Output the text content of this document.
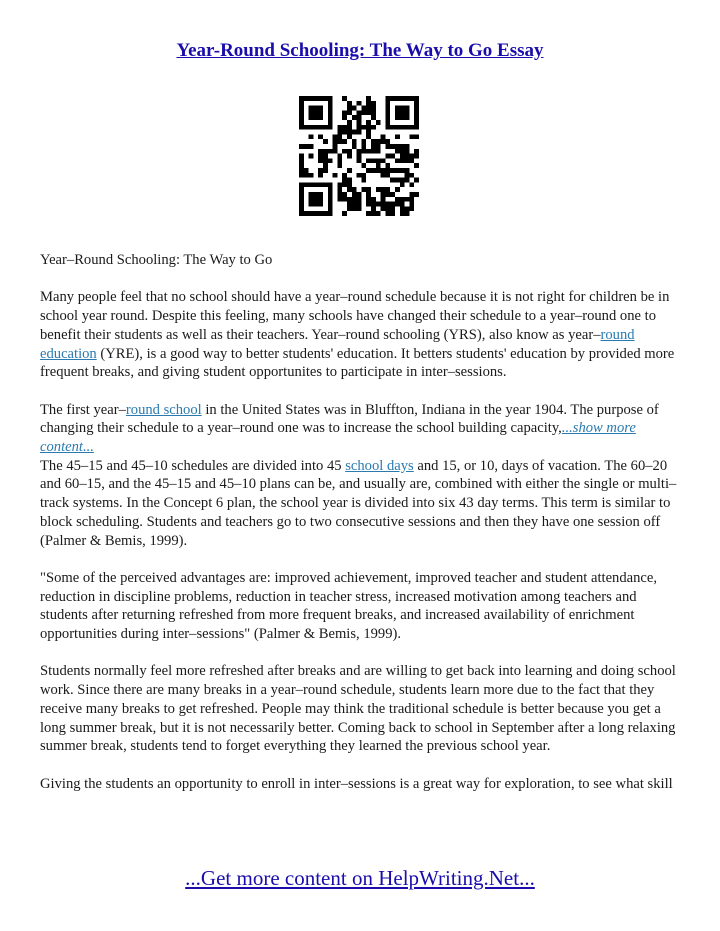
Year-Round Schooling: The Way to Go Essay

Year–Round Schooling: The Way to Go

Many people feel that no school should have a year–round schedule because it is not right for children be in school year round. Despite this feeling, many schools have changed their schedule to a year–round one to benefit their students as well as their teachers. Year–round schooling (YRS), also know as year–round education (YRE), is a good way to better students' education. It betters students' education by provided more frequent breaks, and giving student opportunites to participate in inter–sessions.

The first year–round school in the United States was in Bluffton, Indiana in the year 1904. The purpose of changing their schedule to a year–round one was to increase the school building capacity,...show more content...
The 45–15 and 45–10 schedules are divided into 45 school days and 15, or 10, days of vacation. The 60–20 and 60–15, and the 45–15 and 45–10 plans can be, and usually are, combined with either the single or multi–track systems. In the Concept 6 plan, the school year is divided into six 43 day terms. This term is similar to block scheduling. Students and teachers go to two consecutive sessions and then they have one session off (Palmer & Bemis, 1999).

"Some of the perceived advantages are: improved achievement, improved teacher and student attendance, reduction in discipline problems, reduction in teacher stress, increased motivation among teachers and students after returning refreshed from more frequent breaks, and increased availability of enrichment opportunities during inter–sessions" (Palmer & Bemis, 1999).

Students normally feel more refreshed after breaks and are willing to get back into learning and doing school work. Since there are many breaks in a year–round schedule, students learn more due to the fact that they receive many breaks to get refreshed. People may think the traditional schedule is better because you get a long summer break, but it is not necessarily better. Coming back to school in September after a long relaxing summer break, students tend to forget everything they learned the previous school year.

Giving the students an opportunity to enroll in inter–sessions is a great way for exploration, to see what skill

...Get more content on HelpWriting.Net...
